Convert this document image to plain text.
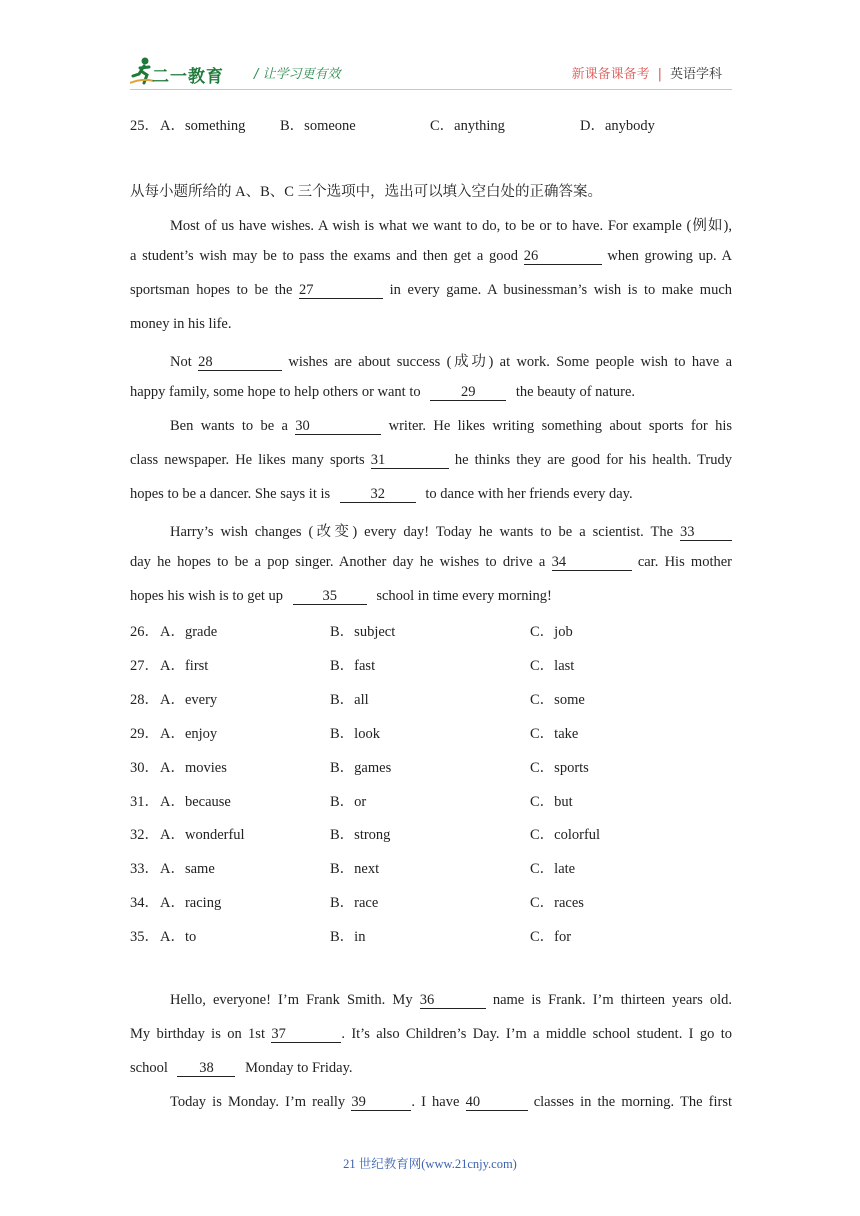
二一教育 / 让学习更有效	新课备课备考 | 英语学科
25． A．something B．someone	C．anything	D．anybody
从每小题所给的 A、B、C 三个选项中，选出可以填入空白处的正确答案。
Most of us have wishes. A wish is what we want to do, to be or to have. For example (例如),
a student’s wish may be to pass the exams and then get a good 26	when growing up. A
sportsman hopes to be the 27	in every game. A businessman’s wish is to make much
money in his life.
Not 28	wishes are about success (成功) at work. Some people wish to have a
happy family, some hope to help others or want to	29	the beauty of nature.
Ben wants to be a 30	writer. He likes writing something about sports for his
class newspaper. He likes many sports 31	he thinks they are good for his health. Trudy
hopes to be a dancer. She says it is	32	to dance with her friends every day.
Harry’s wish changes (改变) every day! Today he wants to be a scientist. The 33
day he hopes to be a pop singer. Another day he wishes to drive a 34	car. His mother
hopes his wish is to get up	35	school in time every morning!
26． A．grade	B．subject	C．job
27． A．first	B．fast	C．last
28． A．every	B．all	C．some
29． A．enjoy	B．look	C．take
30． A．movies	B．games	C．sports
31． A．because	B．or	C．but
32． A．wonderful	B．strong	C．colorful
33． A．same	B．next	C．late
34． A．racing	B．race	C．races
35． A．to	B．in	C．for
Hello, everyone! I’m Frank Smith. My 36	name is Frank. I’m thirteen years old.
My birthday is on 1st 37	. It’s also Children’s Day. I’m a middle school student. I go to
school 38 Monday to Friday.
Today is Monday. I’m really 39	. I have 40	classes in the morning. The first
21 世纪教育网(www.21cnjy.com)
